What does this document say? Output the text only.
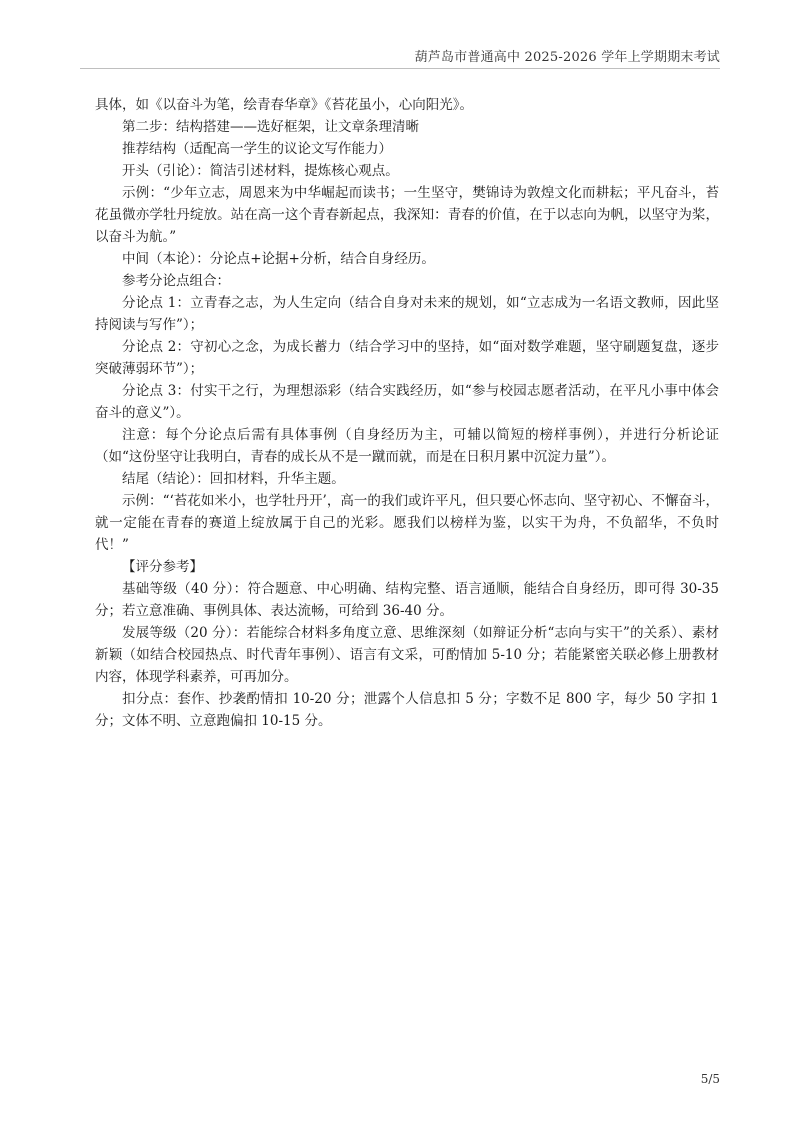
葫芦岛市普通高中 2025-2026 学年上学期期末考试

具体，如《以奋斗为笔，绘青春华章》《苔花虽小，心向阳光》。

第二步：结构搭建——选好框架，让文章条理清晰

推荐结构（适配高一学生的议论文写作能力）

开头（引论）：简洁引述材料，提炼核心观点。

示例：“少年立志，周恩来为中华崛起而读书；一生坚守，樊锦诗为敦煌文化而耕耘；平凡奋斗，苔花虽微亦学牡丹绽放。站在高一这个青春新起点，我深知：青春的价值，在于以志向为帆，以坚守为桨，以奋斗为航。”

中间（本论）：分论点+论据+分析，结合自身经历。

参考分论点组合：

分论点 1：立青春之志，为人生定向（结合自身对未来的规划，如“立志成为一名语文教师，因此坚持阅读与写作”）；

分论点 2：守初心之念，为成长蓄力（结合学习中的坚持，如“面对数学难题，坚守刷题复盘，逐步突破薄弱环节”）；

分论点 3：付实干之行，为理想添彩（结合实践经历，如“参与校园志愿者活动，在平凡小事中体会奋斗的意义”）。

注意：每个分论点后需有具体事例（自身经历为主，可辅以简短的榜样事例），并进行分析论证（如“这份坚守让我明白，青春的成长从不是一蹴而就，而是在日积月累中沉淀力量”）。

结尾（结论）：回扣材料，升华主题。

示例：“‘苔花如米小，也学牡丹开’，高一的我们或许平凡，但只要心怀志向、坚守初心、不懈奋斗，就一定能在青春的赛道上绽放属于自己的光彩。愿我们以榜样为鉴，以实干为舟，不负韶华，不负时代！”

【评分参考】

基础等级（40 分）：符合题意、中心明确、结构完整、语言通顺，能结合自身经历，即可得 30-35 分；若立意准确、事例具体、表达流畅，可给到 36-40 分。

发展等级（20 分）：若能综合材料多角度立意、思维深刻（如辩证分析“志向与实干”的关系）、素材新颖（如结合校园热点、时代青年事例）、语言有文采，可酌情加 5-10 分；若能紧密关联必修上册教材内容，体现学科素养，可再加分。

扣分点：套作、抄袭酌情扣 10-20 分；泄露个人信息扣 5 分；字数不足 800 字，每少 50 字扣 1 分；文体不明、立意跑偏扣 10-15 分。

5/5
